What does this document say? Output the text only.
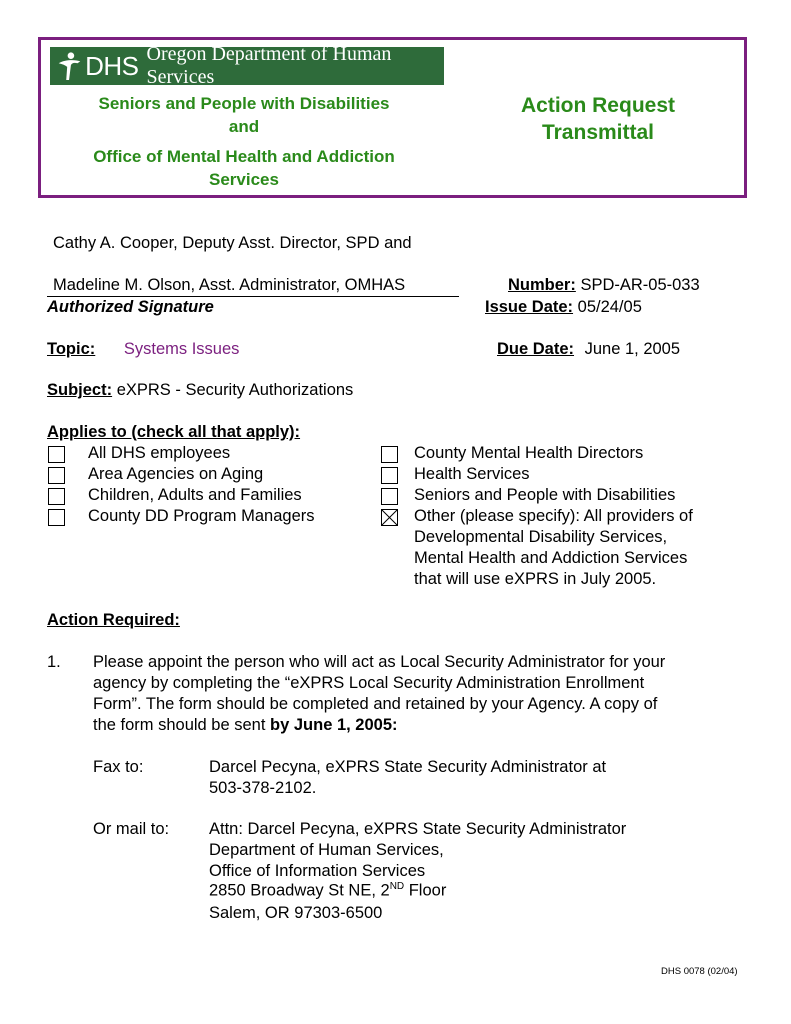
DHS Oregon Department of Human Services
Seniors and People with Disabilities
and
Office of Mental Health and Addiction
Services
Action Request
Transmittal
Cathy A. Cooper, Deputy Asst. Director, SPD and
Madeline M. Olson, Asst. Administrator, OMHAS
Authorized Signature
Number: SPD-AR-05-033
Issue Date: 05/24/05
Topic: Systems Issues	Due Date: June 1, 2005
Subject: eXPRS - Security Authorizations
Applies to (check all that apply):
All DHS employees
Area Agencies on Aging
Children, Adults and Families
County DD Program Managers
County Mental Health Directors
Health Services
Seniors and People with Disabilities
Other (please specify): All providers of
Developmental Disability Services,
Mental Health and Addiction Services
that will use eXPRS in July 2005.
Action Required:
1. Please appoint the person who will act as Local Security Administrator for your
agency by completing the “eXPRS Local Security Administration Enrollment
Form”. The form should be completed and retained by your Agency. A copy of
the form should be sent by June 1, 2005:
Fax to:	Darcel Pecyna, eXPRS State Security Administrator at
503-378-2102.
Or mail to: Attn: Darcel Pecyna, eXPRS State Security Administrator
Department of Human Services,
Office of Information Services
2850 Broadway St NE, 2ND Floor
Salem, OR 97303-6500
DHS 0078 (02/04)
